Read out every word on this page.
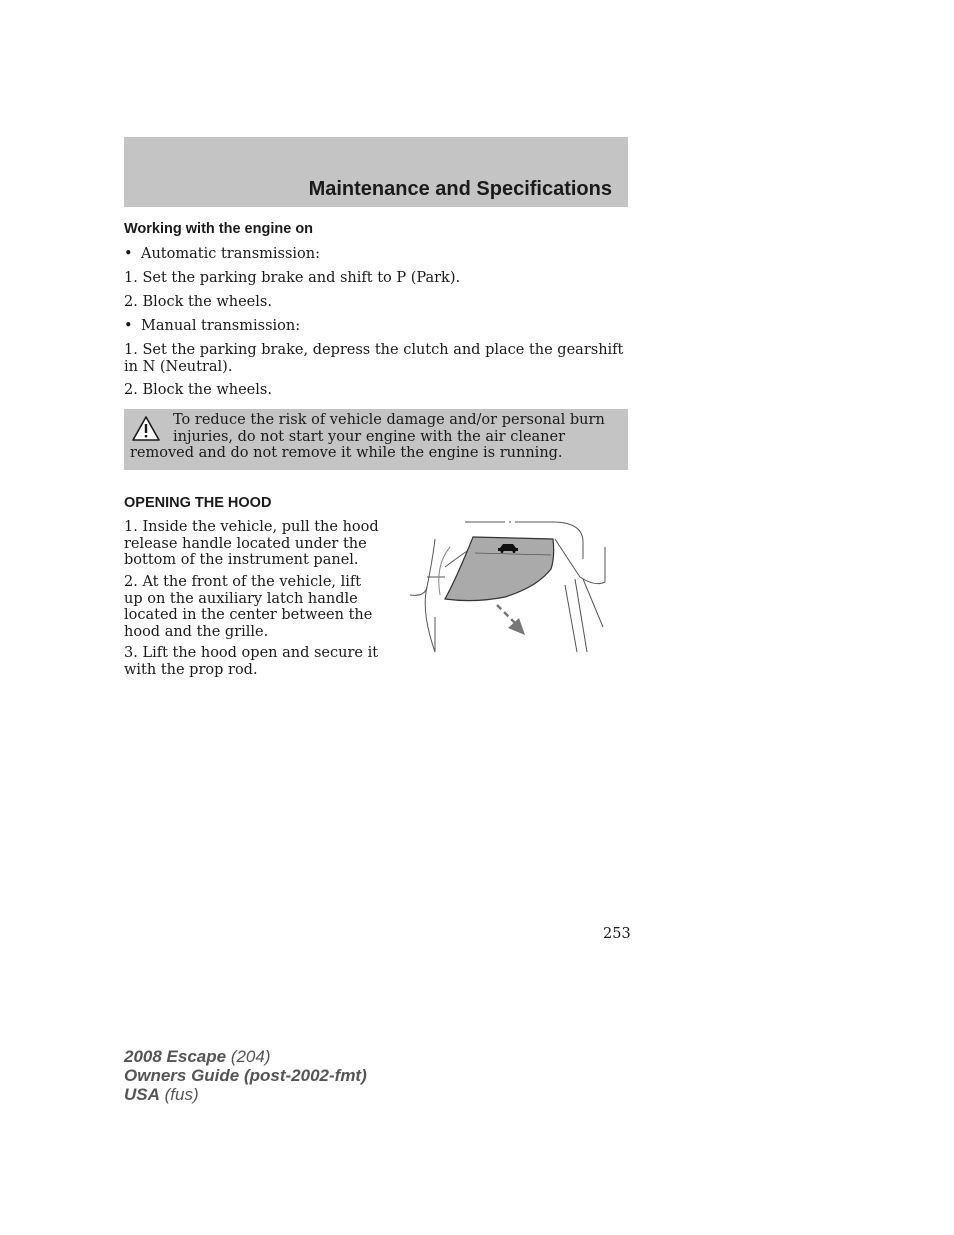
Maintenance and Specifications
Working with the engine on
• Automatic transmission:
1. Set the parking brake and shift to P (Park).
2. Block the wheels.
• Manual transmission:
1. Set the parking brake, depress the clutch and place the gearshift in N (Neutral).
2. Block the wheels.
To reduce the risk of vehicle damage and/or personal burn injuries, do not start your engine with the air cleaner removed and do not remove it while the engine is running.
OPENING THE HOOD
1. Inside the vehicle, pull the hood release handle located under the bottom of the instrument panel.
2. At the front of the vehicle, lift up on the auxiliary latch handle located in the center between the hood and the grille.
3. Lift the hood open and secure it with the prop rod.
253
2008 Escape (204)
Owners Guide (post-2002-fmt)
USA (fus)
